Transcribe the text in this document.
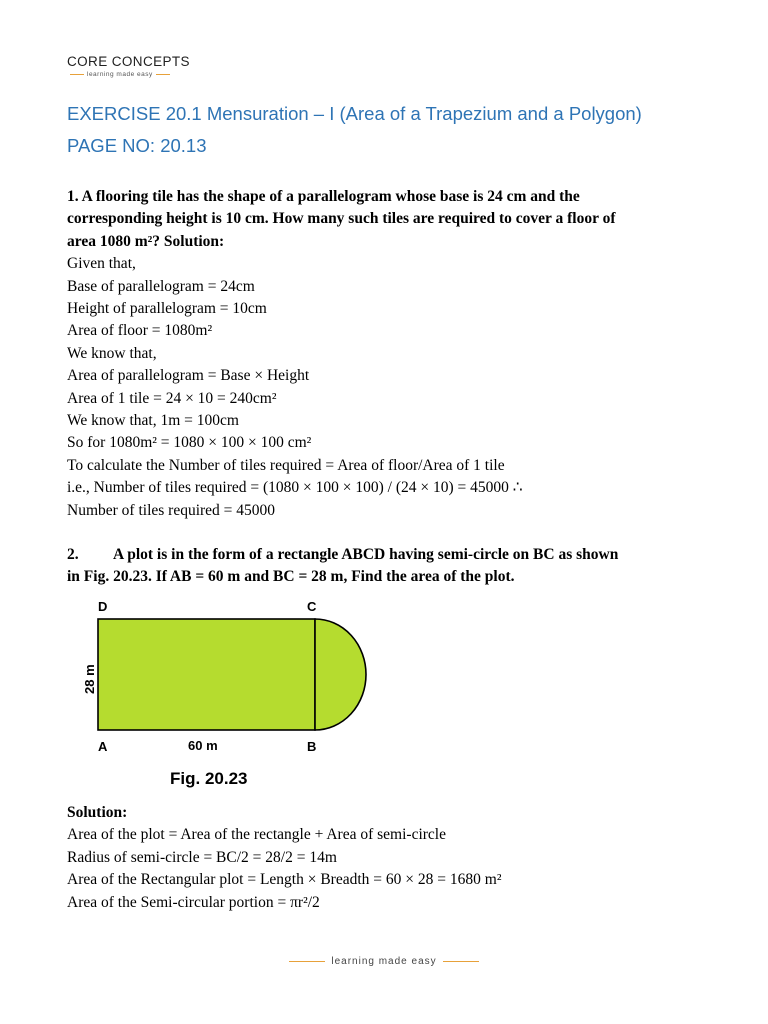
CORE CONCEPTS
learning made easy
EXERCISE 20.1 Mensuration – I (Area of a Trapezium and a Polygon)
PAGE NO: 20.13

1. A flooring tile has the shape of a parallelogram whose base is 24 cm and the

corresponding height is 10 cm. How many such tiles are required to cover a floor of

area 1080 m²? Solution:

Given that,

Base of parallelogram = 24cm

Height of parallelogram = 10cm

Area of floor = 1080m²

We know that,

Area of parallelogram = Base × Height

Area of 1 tile = 24 × 10 = 240cm²

We know that, 1m = 100cm

So for 1080m² = 1080 × 100 × 100 cm²

To calculate the Number of tiles required = Area of floor/Area of 1 tile

i.e., Number of tiles required = (1080 × 100 × 100) / (24 × 10) = 45000 ∴

Number of tiles required = 45000

2. A plot is in the form of a rectangle ABCD having semi-circle on BC as shown
in Fig. 20.23. If AB = 60 m and BC = 28 m, Find the area of the plot.
D	C
A	B
60 m
28 m
Fig. 20.23

Solution:

Area of the plot = Area of the rectangle + Area of semi-circle

Radius of semi-circle = BC/2 = 28/2 = 14m

Area of the Rectangular plot = Length × Breadth = 60 × 28 = 1680 m²

Area of the Semi-circular portion = πr²/2

learning made easy
